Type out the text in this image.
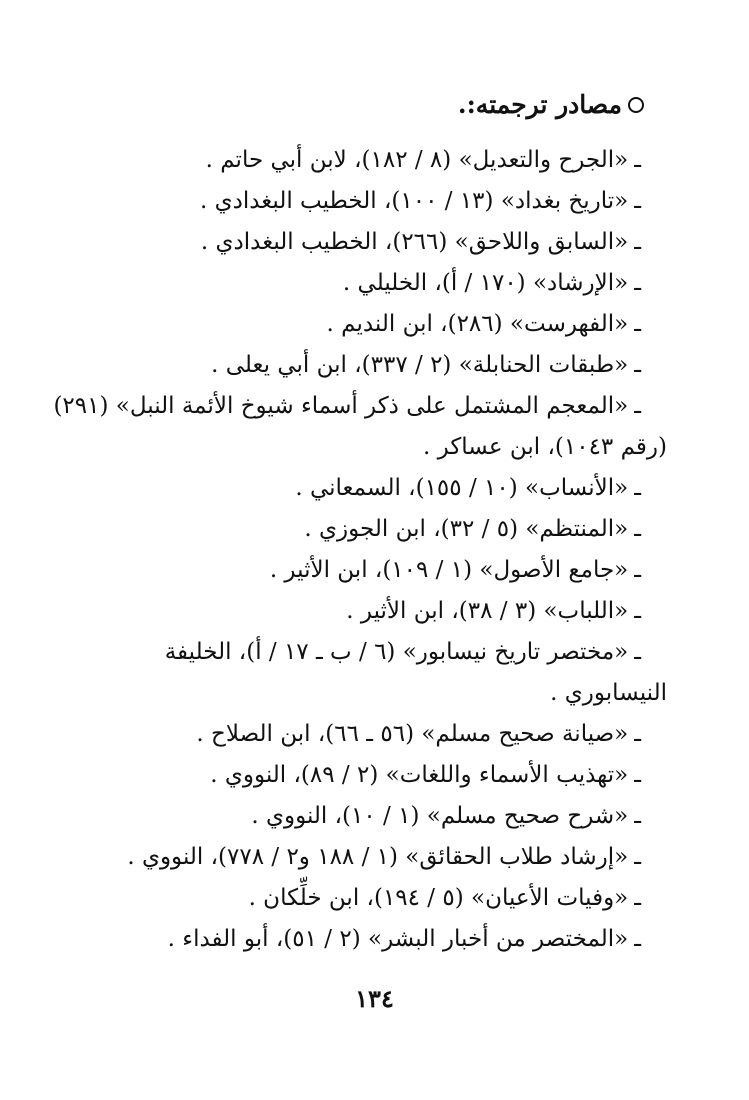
مصادر ترجمته:.
ـ«الجرح والتعديل» (٨ / ١٨٢)، لابن أبي حاتم .
ـ«تاريخ بغداد» (١٣ / ١٠٠)، الخطيب البغدادي .
ـ«السابق واللاحق» (٢٦٦)، الخطيب البغدادي .
ـ«الإرشاد» (١٧٠ / أ)، الخليلي .
ـ«الفهرست» (٢٨٦)، ابن النديم .
ـ«طبقات الحنابلة» (٢ / ٣٣٧)، ابن أبي يعلى .
ـ«المعجم المشتمل على ذكر أسماء شيوخ الأئمة النبل» (٢٩١)
(رقم ١٠٤٣)، ابن عساكر .
ـ«الأنساب» (١٠ / ١٥٥)، السمعاني .
ـ«المنتظم» (٥ / ٣٢)، ابن الجوزي .
ـ«جامع الأصول» (١ / ١٠٩)، ابن الأثير .
ـ«اللباب» (٣ / ٣٨)، ابن الأثير .
ـ«مختصر تاريخ نيسابور» (٦ / ب ـ ١٧ / أ)، الخليفة
النيسابوري .
ـ«صيانة صحيح مسلم» (٥٦ ـ ٦٦)، ابن الصلاح .
ـ«تهذيب الأسماء واللغات» (٢ / ٨٩)، النووي .
ـ«شرح صحيح مسلم» (١ / ١٠)، النووي .
ـ«إرشاد طلاب الحقائق» (١ / ١٨٨ و٢ / ٧٧٨)، النووي .
ـ«وفيات الأعيان» (٥ / ١٩٤)، ابن خلِّكان .
ـ«المختصر من أخبار البشر» (٢ / ٥١)، أبو الفداء .
١٣٤
